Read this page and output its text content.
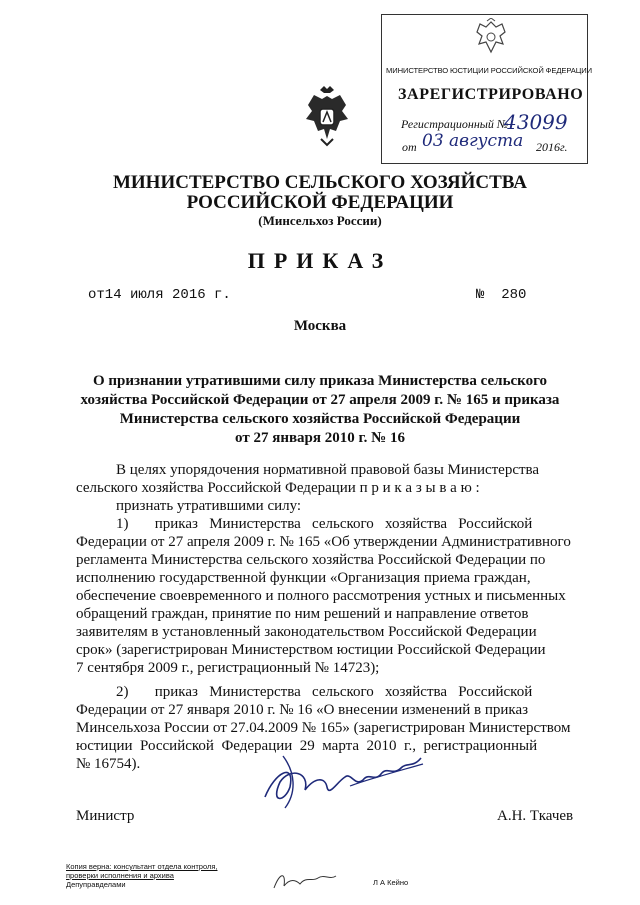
МИНИСТЕРСТВО ЮСТИЦИИ РОССИЙСКОЙ ФЕДЕРАЦИИ
ЗАРЕГИСТРИРОВАНО
Регистрационный №
43099
от 03 августа 2016г.
МИНИСТЕРСТВО СЕЛЬСКОГО ХОЗЯЙСТВА
РОССИЙСКОЙ ФЕДЕРАЦИИ
(Минсельхоз России)
ПРИКАЗ
от14 июля 2016 г.	№  280
Москва
О признании утратившими силу приказа Министерства сельского
хозяйства Российской Федерации от 27 апреля 2009 г. № 165 и приказа
Министерства сельского хозяйства Российской Федерации
от 27 января 2010 г. № 16
В целях упорядочения нормативной правовой базы Министерства
сельского хозяйства Российской Федерации п р и к а з ы в а ю :
признать утратившими силу:
1)       приказ   Министерства   сельского   хозяйства   Российской
Федерации от 27 апреля 2009 г. № 165 «Об утверждении Административного
регламента Министерства сельского хозяйства Российской Федерации по
исполнению государственной функции «Организация приема граждан,
обеспечение своевременного и полного рассмотрения устных и письменных
обращений граждан, принятие по ним решений и направление ответов
заявителям в установленный законодательством Российской Федерации
срок» (зарегистрирован Министерством юстиции Российской Федерации
7 сентября 2009 г., регистрационный № 14723);
2)       приказ   Министерства   сельского   хозяйства   Российской
Федерации от 27 января 2010 г. № 16 «О внесении изменений в приказ
Минсельхоза России от 27.04.2009 № 165» (зарегистрирован Министерством
юстиции  Российской  Федерации  29  марта  2010  г.,  регистрационный
№ 16754).
Министр	А.Н. Ткачев
Копия верна: консультант отдела контроля,
проверки исполнения и архива
Депуправделами	Л А Кейно
